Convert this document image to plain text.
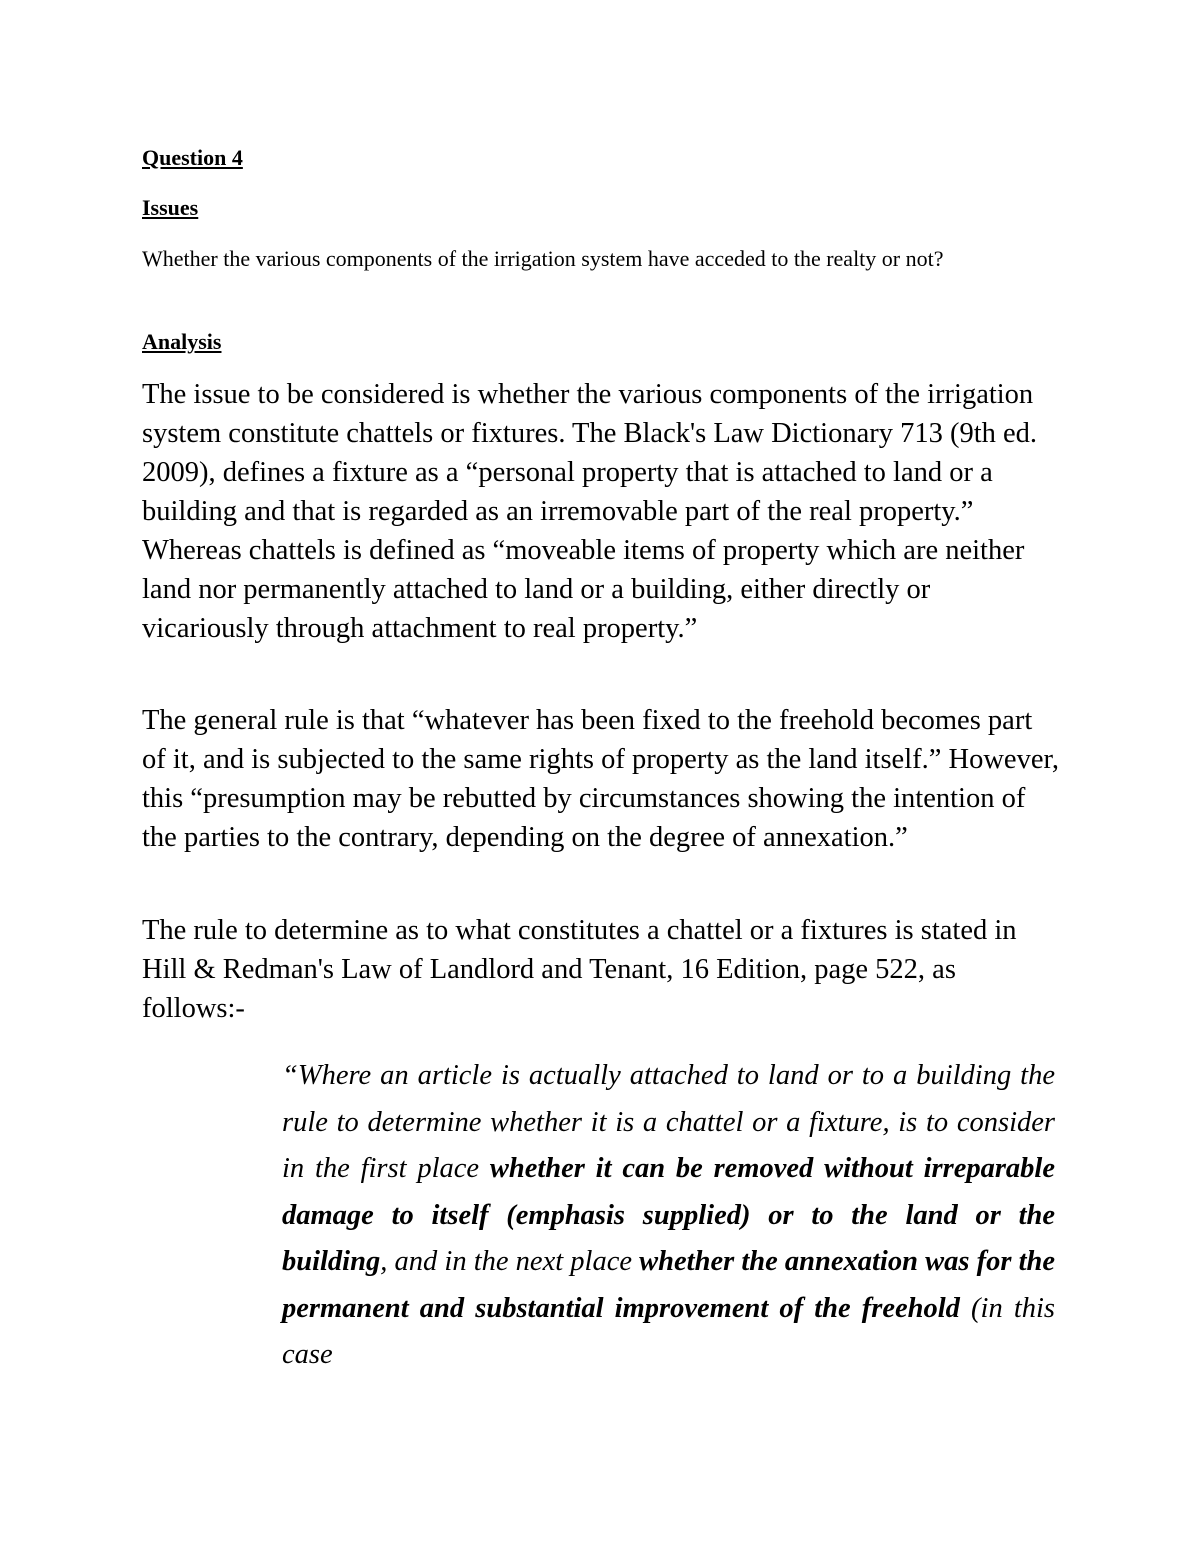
Question 4

Issues

Whether the various components of the irrigation system have acceded to the realty or not?

Analysis

The issue to be considered is whether the various components of the irrigation system constitute chattels or fixtures. The Black's Law Dictionary 713 (9th ed. 2009), defines a fixture as a “personal property that is attached to land or a building and that is regarded as an irremovable part of the real property.” Whereas chattels is defined as “moveable items of property which are neither land nor permanently attached to land or a building, either directly or vicariously through attachment to real property.”

The general rule is that “whatever has been fixed to the freehold becomes part of it, and is subjected to the same rights of property as the land itself.” However, this “presumption may be rebutted by circumstances showing the intention of the parties to the contrary, depending on the degree of annexation.”

The rule to determine as to what constitutes a chattel or a fixtures is stated in Hill & Redman's Law of Landlord and Tenant, 16 Edition, page 522, as follows:-

“Where an article is actually attached to land or to a building the rule to determine whether it is a chattel or a fixture, is to consider in the first place whether it can be removed without irreparable damage to itself (emphasis supplied) or to the land or the building, and in the next place whether the annexation was for the permanent and substantial improvement of the freehold (in this case
